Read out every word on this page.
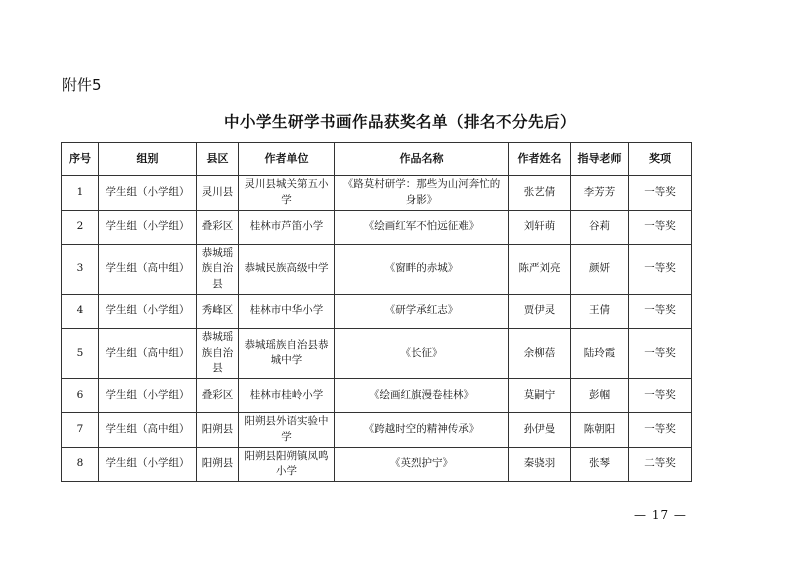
附件5
中小学生研学书画作品获奖名单（排名不分先后）
序号	组别	县区	作者单位	作品名称	作者姓名	指导老师	奖项
1	学生组（小学组）	灵川县	灵川县城关第五小学	《路莫村研学：那些为山河奔忙的身影》	张艺倩	李芳芳	一等奖
2	学生组（小学组）	叠彩区	桂林市芦笛小学	《绘画红军不怕远征难》	刘轩萌	谷莉	一等奖
3	学生组（高中组）	恭城瑶族自治县	恭城民族高级中学	《窗畔的赤城》	陈严刘亮	颜妍	一等奖
4	学生组（小学组）	秀峰区	桂林市中华小学	《研学承红志》	贾伊灵	王倩	一等奖
5	学生组（高中组）	恭城瑶族自治县	恭城瑶族自治县恭城中学	《长征》	余柳蓓	陆玲霞	一等奖
6	学生组（小学组）	叠彩区	桂林市桂岭小学	《绘画红旗漫卷桂林》	莫嗣宁	彭帼	一等奖
7	学生组（高中组）	阳朔县	阳朔县外语实验中学	《跨越时空的精神传承》	孙伊曼	陈朝阳	一等奖
8	学生组（小学组）	阳朔县	阳朔县阳朔镇凤鸣小学	《英烈护宁》	秦骁羽	张琴	二等奖
— 17 —
